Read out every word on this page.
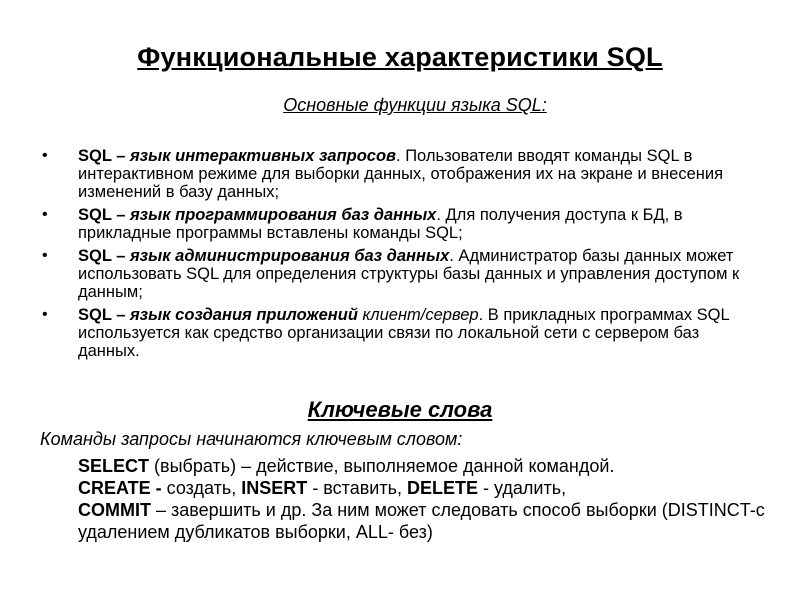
Функциональные характеристики SQL
Основные функции языка SQL:
• SQL – язык интерактивных запросов. Пользователи вводят команды SQL в интерактивном режиме для выборки данных, отображения их на экране и внесения изменений в базу данных;
• SQL – язык программирования баз данных. Для получения доступа к БД, в прикладные программы вставлены команды SQL;
• SQL – язык администрирования баз данных. Администратор базы данных может использовать SQL для определения структуры базы данных и управления доступом к данным;
• SQL – язык создания приложений клиент/сервер. В прикладных программах SQL используется как средство организации связи по локальной сети с сервером баз данных.
Ключевые слова
Команды запросы начинаются ключевым словом:
SELECT (выбрать) – действие, выполняемое данной командой.
CREATE - создать, INSERT - вставить, DELETE - удалить,
COMMIT – завершить и др. За ним может следовать способ выборки (DISTINCT-с удалением дубликатов выборки, ALL- без)
